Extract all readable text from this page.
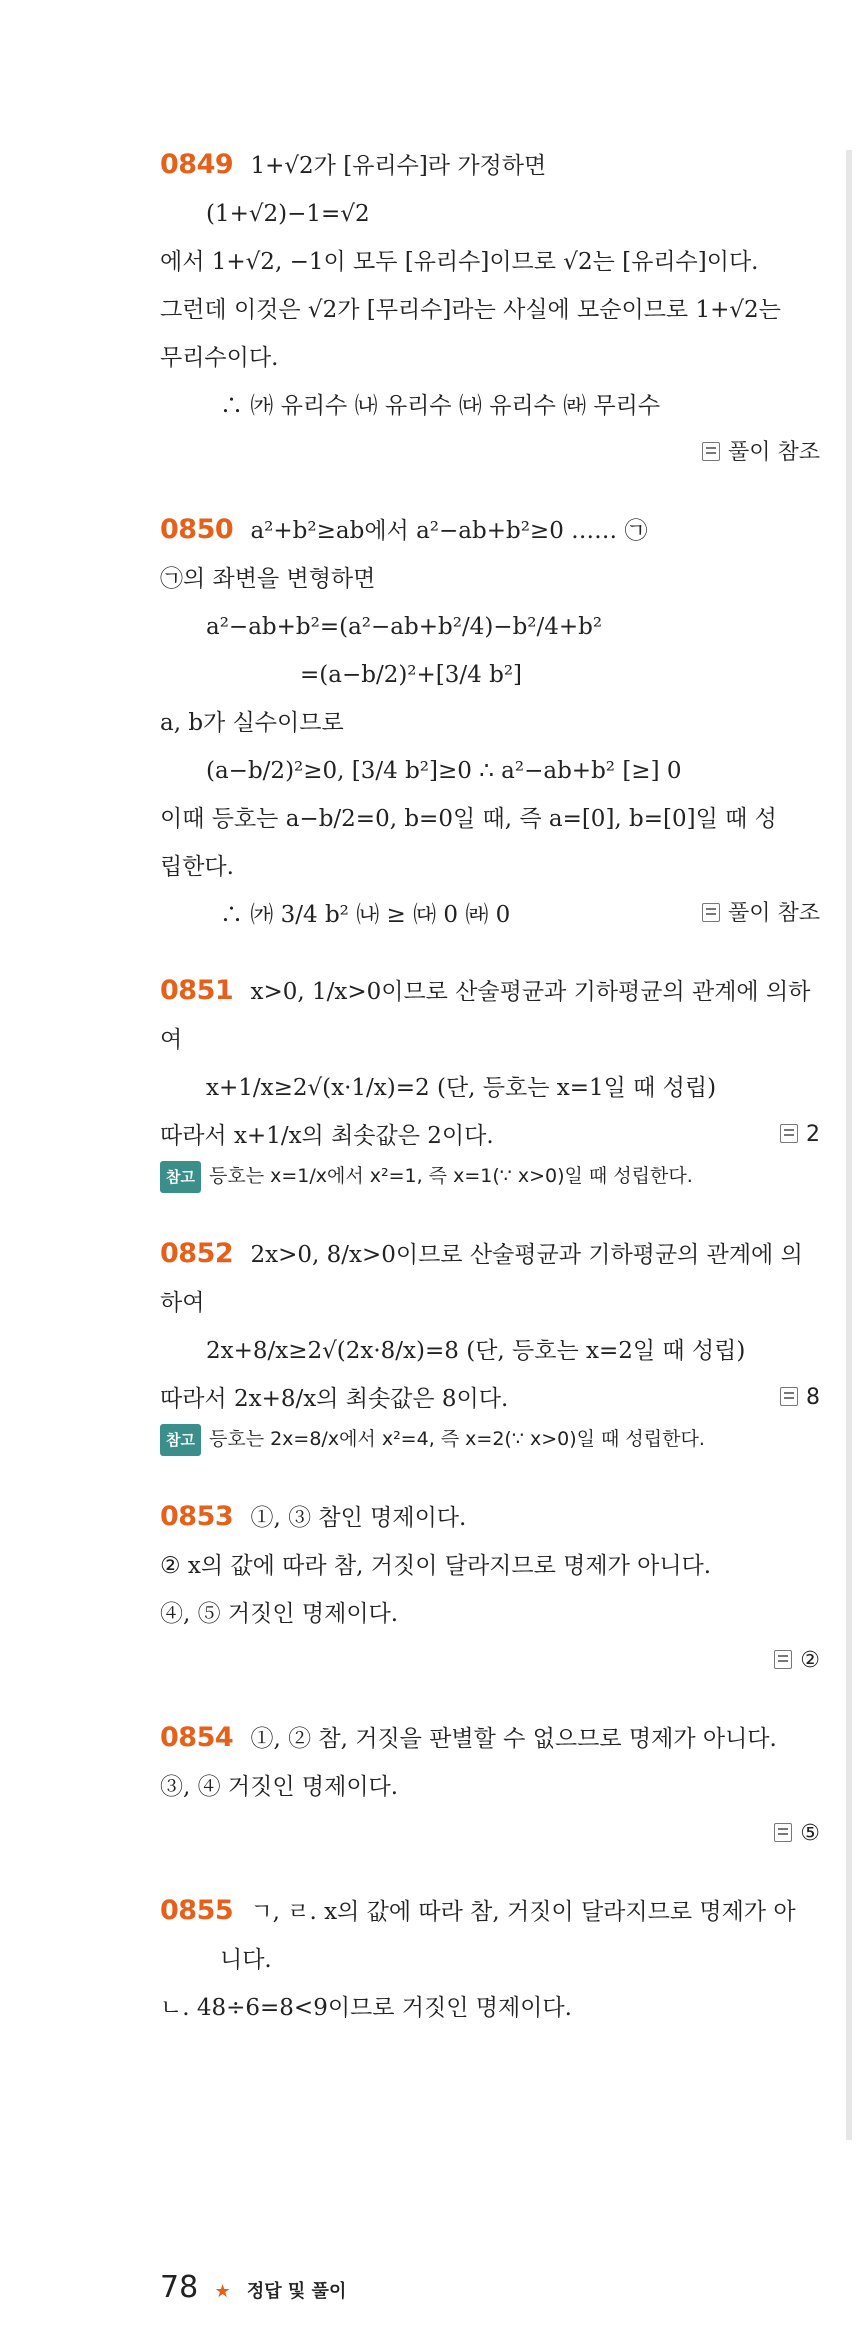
0849 1+√2가 [유리수]라 가정하면
(1+√2)−1=√2
에서 1+√2, −1이 모두 [유리수]이므로 √2는 [유리수]이다.
그런데 이것은 √2가 [무리수]라는 사실에 모순이므로 1+√2는
무리수이다.
∴ ㈎ 유리수 ㈏ 유리수 ㈐ 유리수 ㈑ 무리수
풀이 참조
0850 a²+b²≥ab에서 a²−ab+b²≥0 …… ㉠
㉠의 좌변을 변형하면
a²−ab+b²=(a²−ab+b²/4)−b²/4+b²
=(a−b/2)²+[3/4 b²]
a, b가 실수이므로
(a−b/2)²≥0, [3/4 b²]≥0 ∴ a²−ab+b² [≥] 0
이때 등호는 a−b/2=0, b=0일 때, 즉 a=[0], b=[0]일 때 성
립한다.
∴ ㈎ 3/4 b² ㈏ ≥ ㈐ 0 ㈑ 0	풀이 참조
0851 x>0, 1/x>0이므로 산술평균과 기하평균의 관계에 의하
여
x+1/x≥2√(x·1/x)=2 (단, 등호는 x=1일 때 성립)
따라서 x+1/x의 최솟값은 2이다.	2
참고 등호는 x=1/x에서 x²=1, 즉 x=1(∵ x>0)일 때 성립한다.
0852 2x>0, 8/x>0이므로 산술평균과 기하평균의 관계에 의
하여
2x+8/x≥2√(2x·8/x)=8 (단, 등호는 x=2일 때 성립)
따라서 2x+8/x의 최솟값은 8이다.	8
참고 등호는 2x=8/x에서 x²=4, 즉 x=2(∵ x>0)일 때 성립한다.
0853 ①, ③ 참인 명제이다.
② x의 값에 따라 참, 거짓이 달라지므로 명제가 아니다.
④, ⑤ 거짓인 명제이다.
②
0854 ①, ② 참, 거짓을 판별할 수 없으므로 명제가 아니다.
③, ④ 거짓인 명제이다.
⑤
0855 ㄱ, ㄹ. x의 값에 따라 참, 거짓이 달라지므로 명제가 아
니다.
ㄴ. 48÷6=8<9이므로 거짓인 명제이다.
78 ★ 정답 및 풀이
